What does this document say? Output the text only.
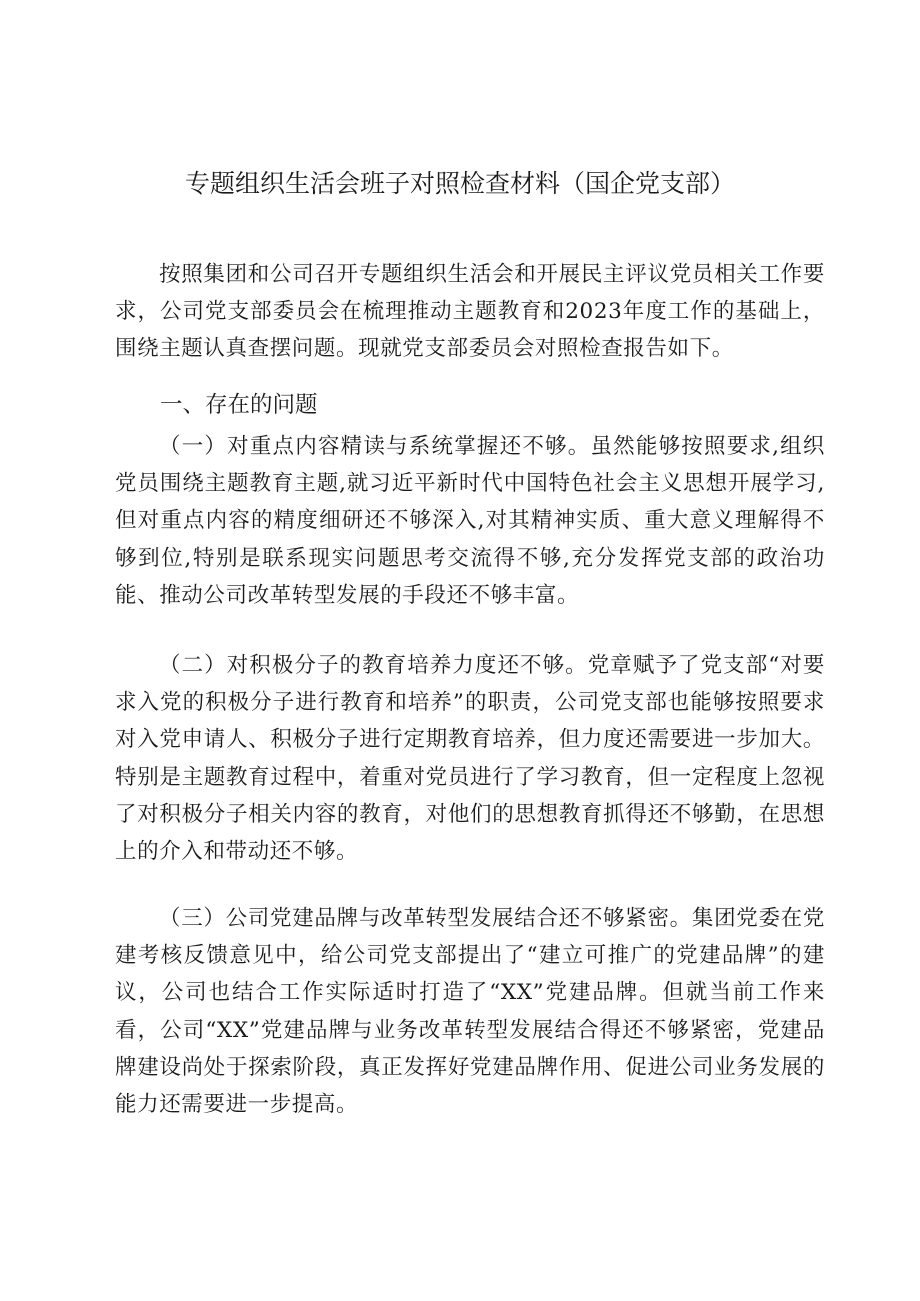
专题组织生活会班子对照检查材料（国企党支部）
按照集团和公司召开专题组织生活会和开展民主评议党员相关工作要求，公司党支部委员会在梳理推动主题教育和2023年度工作的基础上，围绕主题认真查摆问题。现就党支部委员会对照检查报告如下。
一、存在的问题
（一）对重点内容精读与系统掌握还不够。虽然能够按照要求,组织党员围绕主题教育主题,就习近平新时代中国特色社会主义思想开展学习,但对重点内容的精度细研还不够深入,对其精神实质、重大意义理解得不够到位,特别是联系现实问题思考交流得不够,充分发挥党支部的政治功能、推动公司改革转型发展的手段还不够丰富。
（二）对积极分子的教育培养力度还不够。党章赋予了党支部“对要求入党的积极分子进行教育和培养”的职责，公司党支部也能够按照要求对入党申请人、积极分子进行定期教育培养，但力度还需要进一步加大。特别是主题教育过程中，着重对党员进行了学习教育，但一定程度上忽视了对积极分子相关内容的教育，对他们的思想教育抓得还不够勤，在思想上的介入和带动还不够。
（三）公司党建品牌与改革转型发展结合还不够紧密。集团党委在党建考核反馈意见中，给公司党支部提出了“建立可推广的党建品牌”的建议，公司也结合工作实际适时打造了“XX”党建品牌。但就当前工作来看，公司“XX”党建品牌与业务改革转型发展结合得还不够紧密，党建品牌建设尚处于探索阶段，真正发挥好党建品牌作用、促进公司业务发展的能力还需要进一步提高。
